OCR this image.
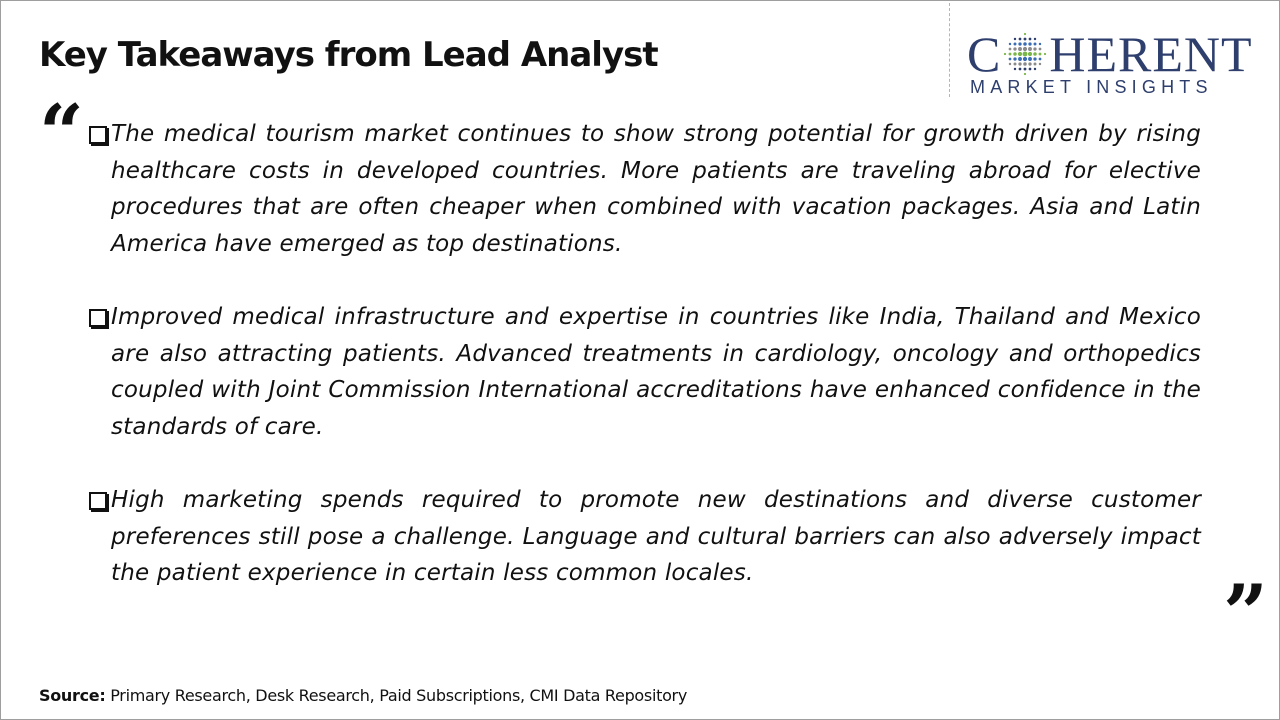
Key Takeaways from Lead Analyst	C HERENT
MARKET INSIGHTS
“ The medical tourism market continues to show strong potential for growth driven by rising healthcare costs in developed countries. More patients are traveling abroad for elective procedures that are often cheaper when combined with vacation packages. Asia and Latin America have emerged as top destinations.

Improved medical infrastructure and expertise in countries like India, Thailand and Mexico are also attracting patients. Advanced treatments in cardiology, oncology and orthopedics coupled with Joint Commission International accreditations have enhanced confidence in the standards of care.

High marketing spends required to promote new destinations and diverse customer preferences still pose a challenge. Language and cultural barriers can also adversely impact the patient experience in certain less common locales.	”
Source: Primary Research, Desk Research, Paid Subscriptions, CMI Data Repository
